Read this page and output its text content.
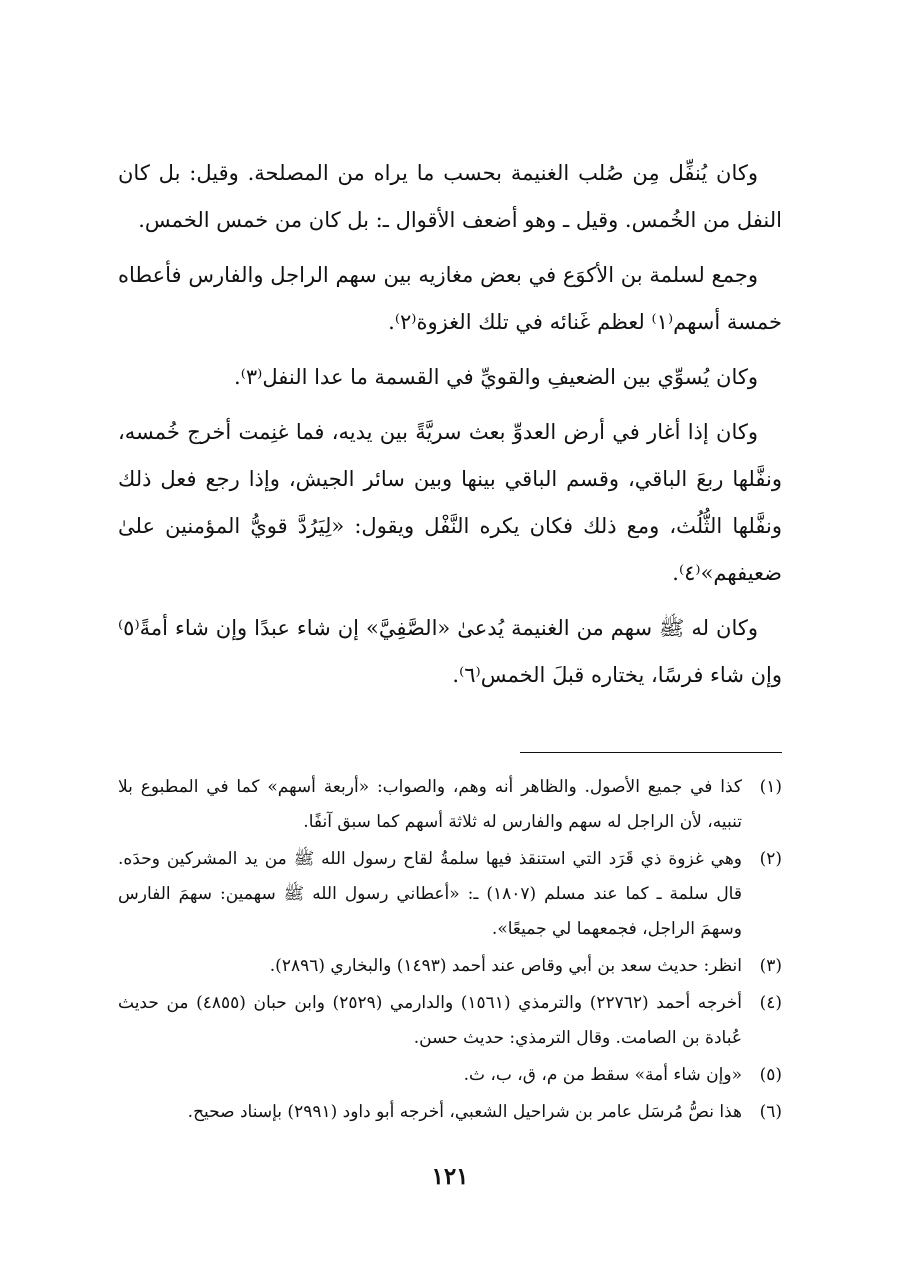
وكان يُنفِّل مِن صُلب الغنيمة بحسب ما يراه من المصلحة. وقيل: بل كان النفل من الخُمس. وقيل ـ وهو أضعف الأقوال ـ: بل كان من خمس الخمس.

وجمع لسلمة بن الأكوَع في بعض مغازيه بين سهم الراجل والفارس فأعطاه خمسة أسهم⁽١⁾ لعظم غَنائه في تلك الغزوة⁽٢⁾.

وكان يُسوِّي بين الضعيفِ والقويِّ في القسمة ما عدا النفل⁽٣⁾.

وكان إذا أغار في أرض العدوِّ بعث سريَّةً بين يديه، فما غنِمت أخرج خُمسه، ونفَّلها ربعَ الباقي، وقسم الباقي بينها وبين سائر الجيش، وإذا رجع فعل ذلك ونفَّلها الثُّلُث، ومع ذلك فكان يكره النَّفْل ويقول: «لِيَرُدَّ قويُّ المؤمنين علىٰ ضعيفهم»⁽٤⁾.

وكان له ﷺ سهم من الغنيمة يُدعىٰ «الصَّفِيَّ» إن شاء عبدًا وإن شاء أمةً⁽٥⁾ وإن شاء فرسًا، يختاره قبلَ الخمس⁽٦⁾.

(١)
كذا في جميع الأصول. والظاهر أنه وهم، والصواب: «أربعة أسهم» كما في المطبوع بلا تنبيه، لأن الراجل له سهم والفارس له ثلاثة أسهم كما سبق آنفًا.
(٢)
وهي غزوة ذي قَرَد التي استنقذ فيها سلمةُ لقاح رسول الله ﷺ من يد المشركين وحدَه. قال سلمة ـ كما عند مسلم (١٨٠٧) ـ: «أعطاني رسول الله ﷺ سهمين: سهمَ الفارس وسهمَ الراجل، فجمعهما لي جميعًا».
(٣)
انظر: حديث سعد بن أبي وقاص عند أحمد (١٤٩٣) والبخاري (٢٨٩٦).
(٤)
أخرجه أحمد (٢٢٧٦٢) والترمذي (١٥٦١) والدارمي (٢٥٢٩) وابن حبان (٤٨٥٥) من حديث عُبادة بن الصامت. وقال الترمذي: حديث حسن.
(٥)
«وإن شاء أمة» سقط من م، ق، ب، ث.
(٦)
هذا نصُّ مُرسَل عامر بن شراحيل الشعبي، أخرجه أبو داود (٢٩٩١) بإسناد صحيح.
١٢١
